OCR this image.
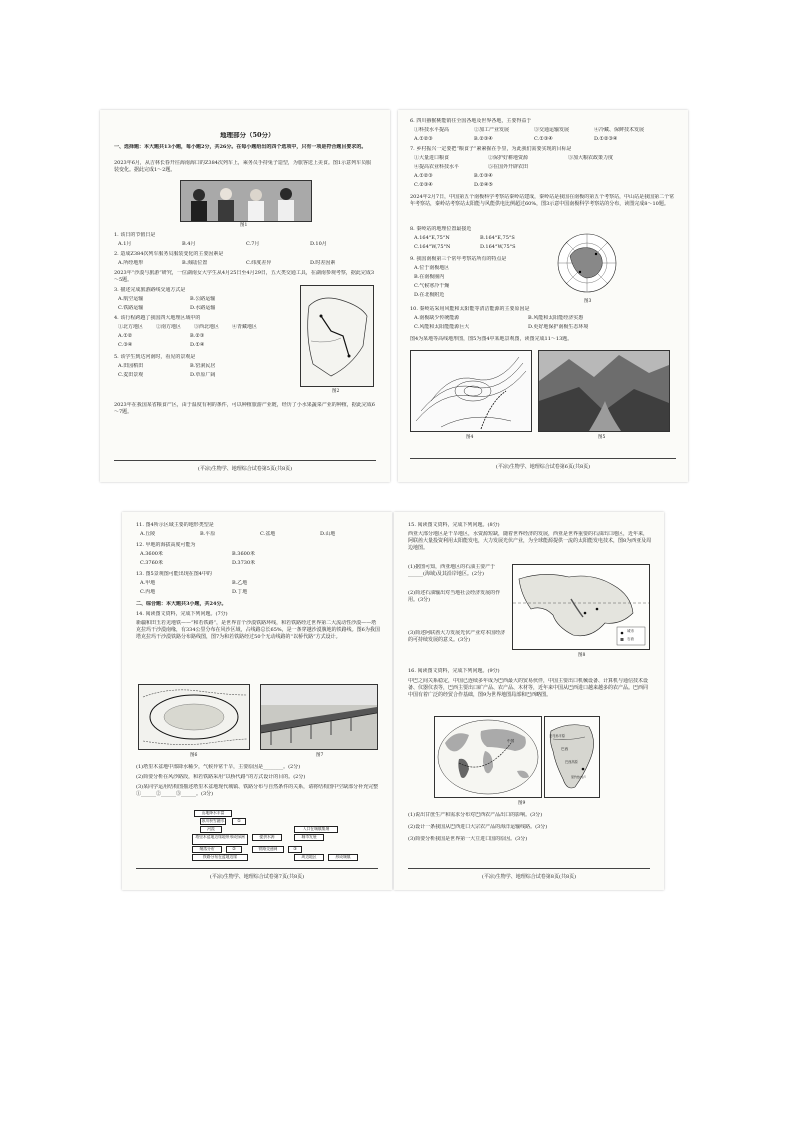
地理部分（50分）
一、选择题：本大题共13小题，每小题2分，共26分。在每小题给出的四个选项中，只有一项是符合题目要求的。
2023年6月，从吉林长春开往海南海口的Z384次列车上，乘务员手持兔子造型，为旅客送上美食。图1示意列车员服装变化。据此完成1～2题。
图1
1. 该日的节假日是
A.1月	B.4月	C.7月	D.10月
2. 造成Z384次列车服务员服装变化的主要因素是
A.所经地形	B.海陆位置	C.纬度差异	D.时差因素
2023年“沙漠与旅游”研究，一位湖南女大学生从4月25日至4月29日，五大类交通工具，在湖南参观考察，据此完成3～5题。
3. 描述完成旅游路线交通方式是
A.航空运输	B.公路运输
C.铁路运输	D.水路运输
4. 该行程跨越了我国四大地理区域中的
①北方地区	②南方地区	③西北地区	④青藏地区
A.①②	B.②③
C.③④	D.①④
5. 该学生到达河南时，看见的景观是
A.田园稻田	B.窑洞民居
C.麦田景观	D.草原广阔
图2
2023年在我国某省粮食产区，由于温度有利的条件，可以种植旅游产业链，经历了小水果蔬菜产业的种植，据此完成6～7题。
(平凉)生物学、地理综合试卷第5页(共8页)
6. 四川猕猴桃能销往全国各地及世界各地，主要得益于
①科技水平提高	②加工产业发展	③交通运输发展	④冷藏、保鲜技术发展
A.①②③	B.②③④	C.①③④	D.①②③④
7. 乡村振兴一定要把“粮食子”紧紧握在手里，为此我们需要实现的目标是
①大量进口粮食	②保护好耕地资源	③加大粮农政策力度
④提高农业科技水平	⑤在国外开辟农田
A.①②③	B.①③④
C.②③④	D.②④⑤
2024年2月7日，中国第五个南极科学考察站秦岭站建成，秦岭站是我国在南极的第五个考察站，中山站是我国第二个常年考察站，秦岭站考察站太阳能与风能供电比例超过60%，图3示意中国南极科学考察站的分布，读图完成8～10题。
8. 秦岭站的地理位置最接近
A.164°E,75°N	B.164°E,75°S
C.164°W,75°N	D.164°W,75°S
9. 我国南极第三个常年考察站所有的特点是
A.位于南极地区
B.在南极圈内
C.气候寒冷干燥
D.在北极附近
图3
10. 秦岭站采用风能和太阳能等清洁能源的主要原因是
A.南极缺少传统能源	B.风能和太阳能经济实惠
C.风能和太阳能能源巨大	D.更好地保护南极生态环境
图4为某地等高线地形图，图5为图4中某地景观图，读图完成11～13题。
图4	图5
(平凉)生物学、地理综合试卷第6页(共8页)
11. 图4所示区域主要的地形类型是
A.丘陵	B.平原	C.盆地	D.山地
12. 甲地的海拔高度可能为
A.3600米	B.3600米
C.3760米	D.3730米
13. 图5景观图可能出现在图4中的
A.甲地	B.乙地
C.丙地	D.丁地
二、综合题：本大题共3小题，共24分。
14. 阅读图文资料，完成下列问题。(7分)
新疆和田玉若羌地铁——“和若铁路”，是世界首个沙漠铁路环线，和若铁路经过世界第二大流动性沙漠——塔克拉玛干沙漠南缘，有334公里分布在风沙区域，占线路总长65%，是一条穿越沙漠腹地的铁路线。图6为我国塔克拉玛干沙漠铁路分布路线图，图7为和若铁路经过50个无动线路的“以桥代路”方式设计。
图6	图7
(1)塔里木盆地中部降水稀少，气候异常干旱，主要原因是________。(2分)
(2)简要分析在风沙路段，和若铁路采用“以桥代路”的方式设计的目的。(2分)
(3)某同学运用结构图描述塔里木盆地现代城镇、铁路分布与自然条件的关系，请将结构图中空缺部分补充完整①______②______③______。(3分)
山地降水丰富
冰川积雪融水	①
河流
塔里木盆地边缘地带形成绿洲
人口在城镇集聚
提供水源	城市发展
聚落分布	②	铁路交通网	③
铁路分布在盆地边缘	周边地区	形成城镇
(平凉)生物学、地理综合试卷第7页(共8页)
15. 阅读图文资料，完成下列问题。(8分)
西亚大部分地区是干旱地区，水资源短缺，随着世界经济的发展，西亚是世界重要的石油出口地区，近年来，阿联酋大量投资利用太阳能发电，大力发展光伏产业，为全球能源提供一流的太阳能发电技术，图8为西亚及周边地图。
(1)据图可知，西亚地区的石油主要产于______(海域)及其沿岸地区。(2分)
(2)简述石油输出对当地社会经济发展的作用。(3分)
(3)简述阿联酋大力发展光伏产业对本国经济的可持续发展的意义。(3分)
城市
石油
图8
16. 阅读图文资料，完成下列问题。(9分)
中巴之间关系稳定，中国已连续多年成为巴西最大的贸易伙伴，中国主要出口机械设备、计算机与通信技术设备、仪器仪表等，巴西主要出口矿产品、农产品、木材等，近年来中国从巴西进口越来越多的农产品。巴西同中国有着广泛的经贸合作基础，图9为世界地图局部和巴西略图。
中国
巴西
亚马孙平原
巴西高原
里约热内卢
图9
(1)说出甘蔗生产和需求分布对巴西农产品出口的影响。(3分)
(2)设计一条我国从巴西进口大宗农产品的海洋运输线路。(3分)
(3)简要分析我国是世界第一大豆进口国的原因。(3分)
(平凉)生物学、地理综合试卷第8页(共8页)
